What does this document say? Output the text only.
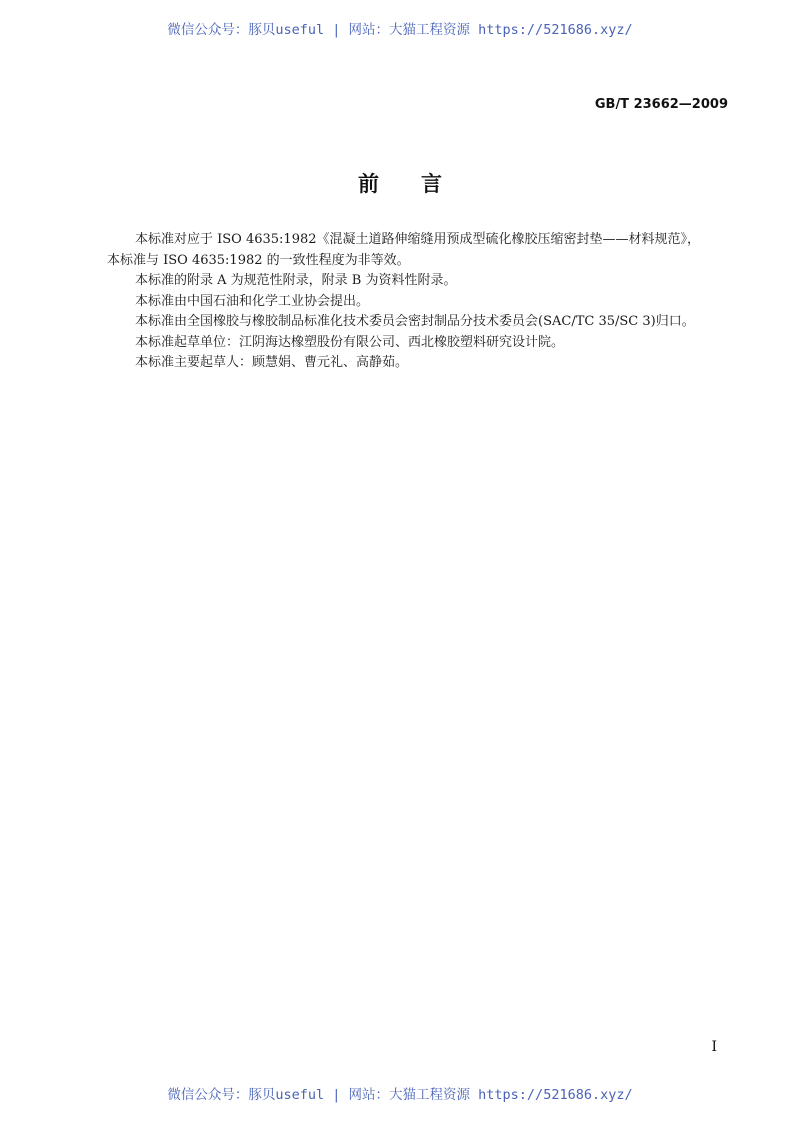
微信公众号：豚贝useful | 网站：大猫工程资源 https://521686.xyz/
GB/T 23662—2009
前言

本标准对应于 ISO 4635:1982《混凝土道路伸缩缝用预成型硫化橡胶压缩密封垫——材料规范》，

本标准与 ISO 4635:1982 的一致性程度为非等效。

本标准的附录 A 为规范性附录，附录 B 为资料性附录。

本标准由中国石油和化学工业协会提出。

本标准由全国橡胶与橡胶制品标准化技术委员会密封制品分技术委员会(SAC/TC 35/SC 3)归口。

本标准起草单位：江阴海达橡塑股份有限公司、西北橡胶塑料研究设计院。

本标准主要起草人：顾慧娟、曹元礼、高静茹。

I
微信公众号：豚贝useful | 网站：大猫工程资源 https://521686.xyz/
